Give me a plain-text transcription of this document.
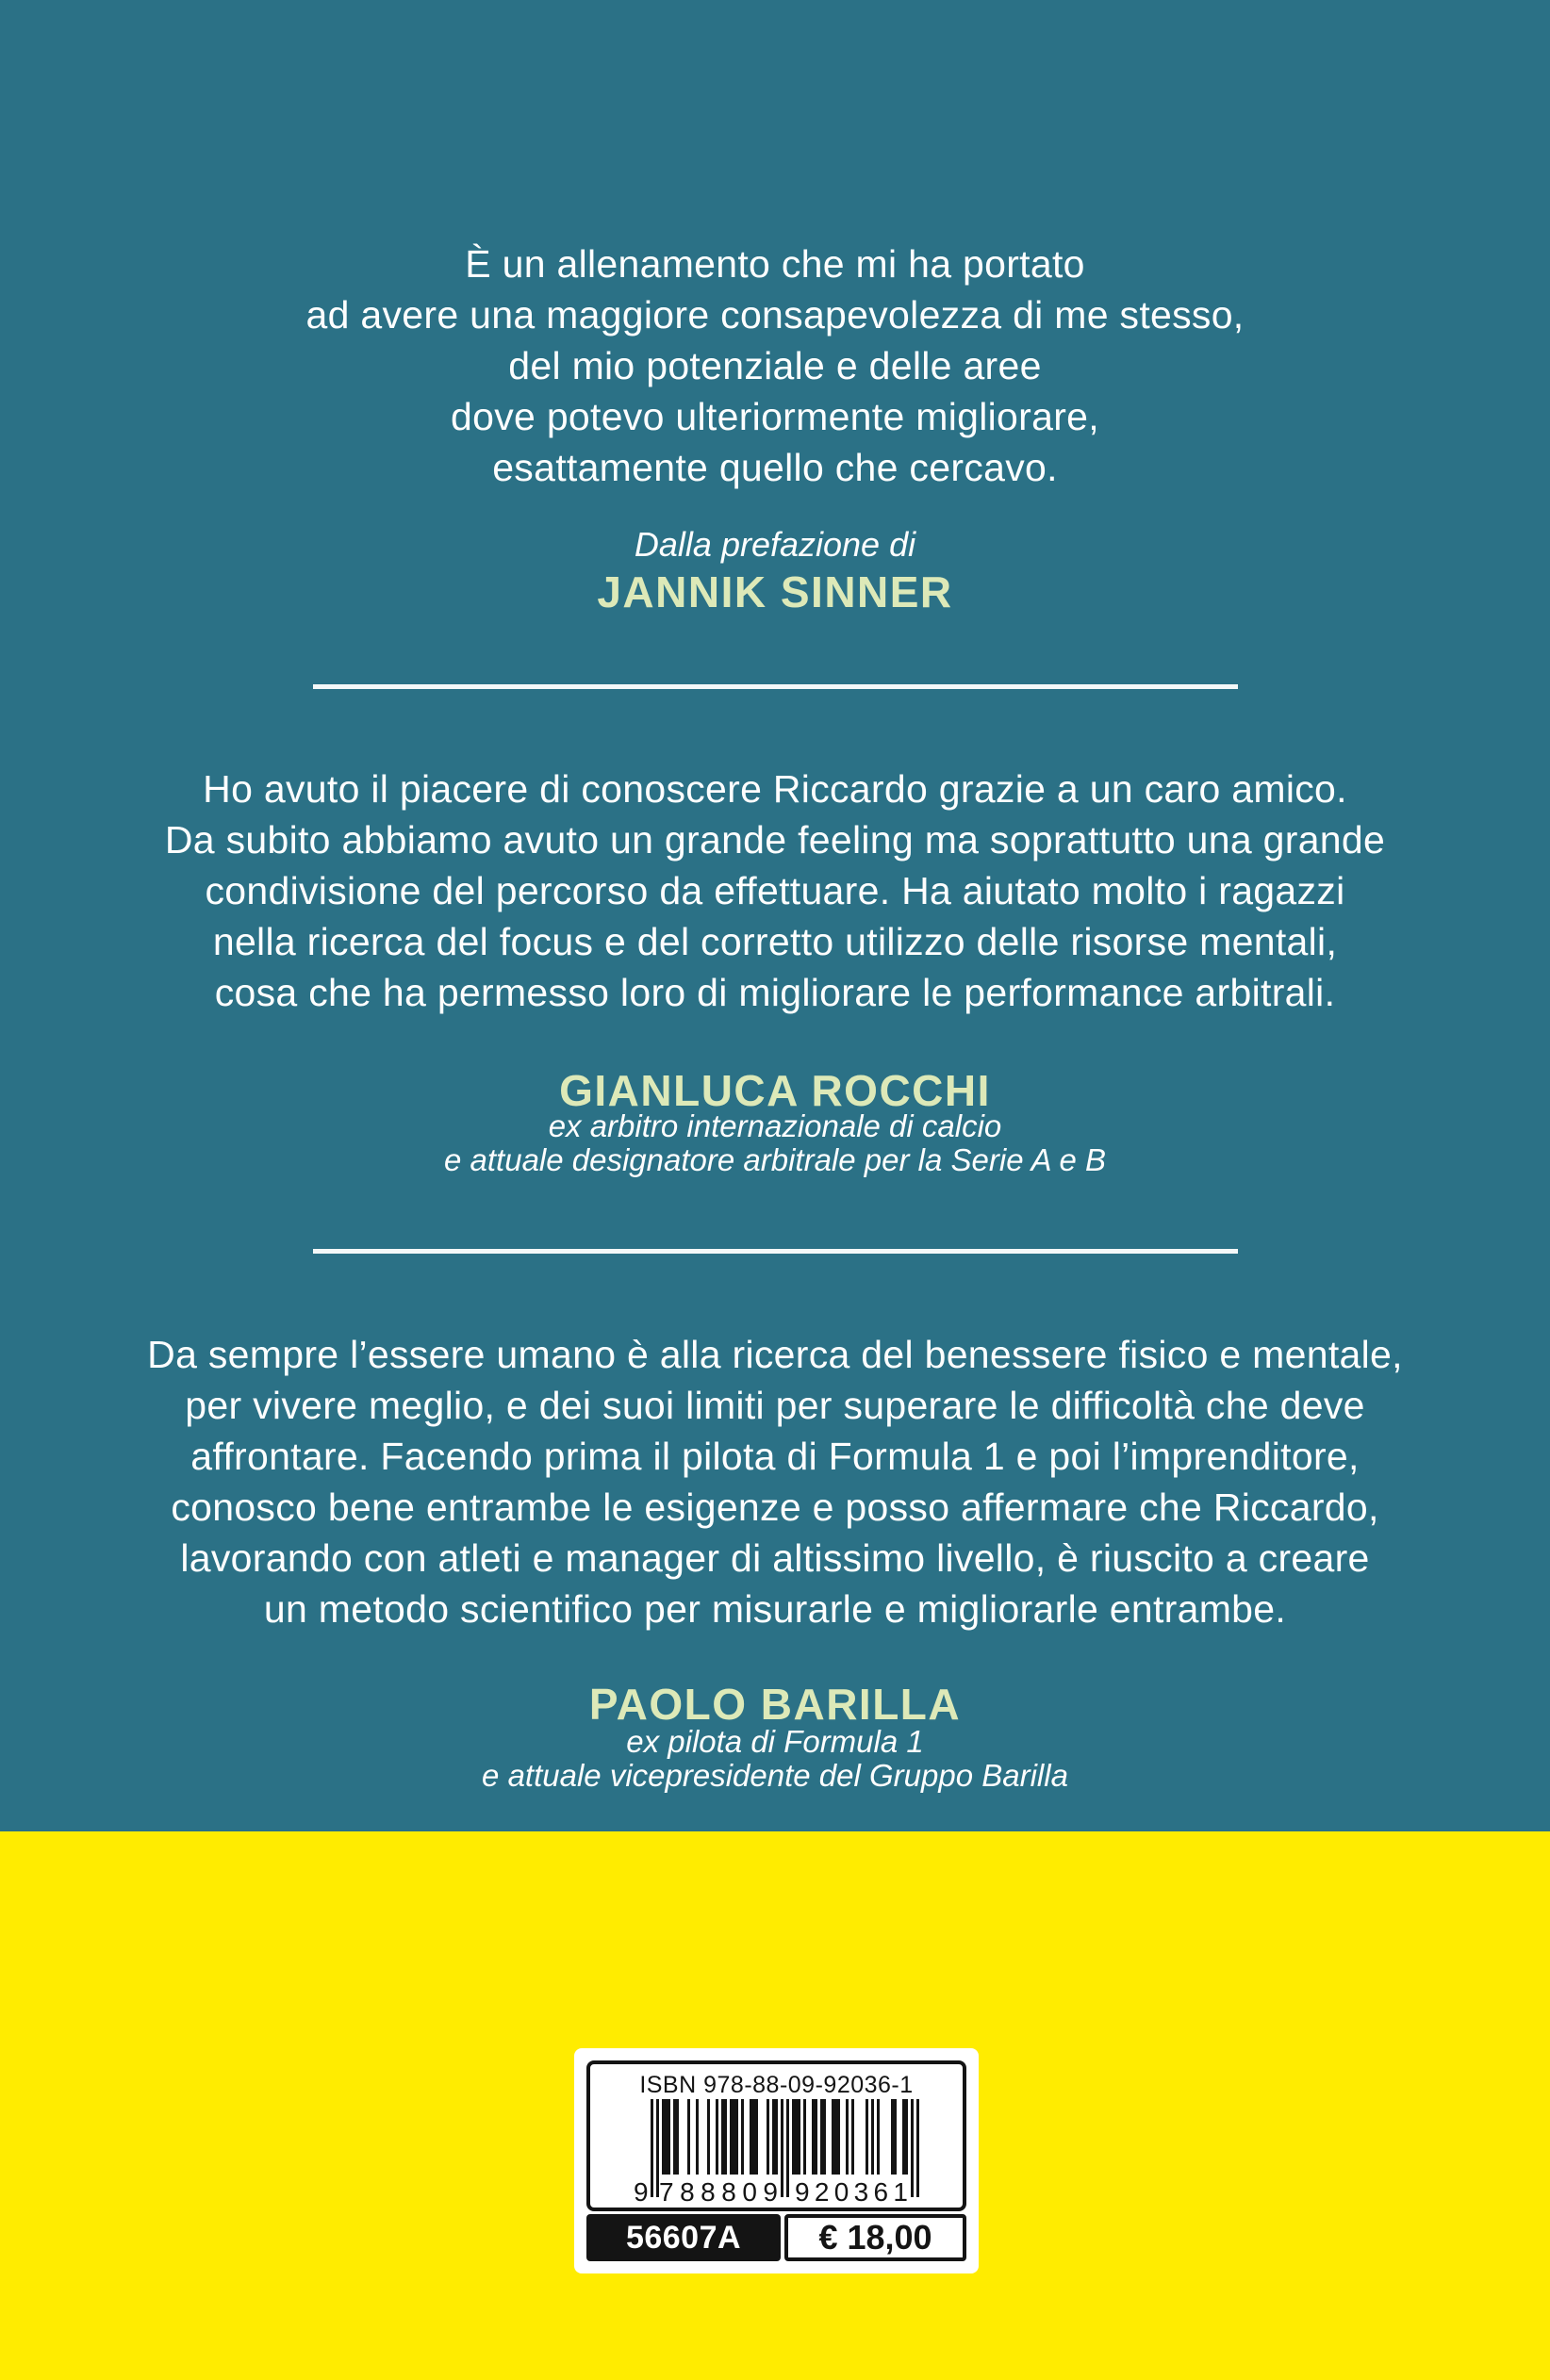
È un allenamento che mi ha portato
ad avere una maggiore consapevolezza di me stesso,
del mio potenziale e delle aree
dove potevo ulteriormente migliorare,
esattamente quello che cercavo.
Dalla prefazione di
JANNIK SINNER
Ho avuto il piacere di conoscere Riccardo grazie a un caro amico.
Da subito abbiamo avuto un grande feeling ma soprattutto una grande
condivisione del percorso da effettuare. Ha aiutato molto i ragazzi
nella ricerca del focus e del corretto utilizzo delle risorse mentali,
cosa che ha permesso loro di migliorare le performance arbitrali.
GIANLUCA ROCCHI
ex arbitro internazionale di calcio
e attuale designatore arbitrale per la Serie A e B
Da sempre l’essere umano è alla ricerca del benessere fisico e mentale,
per vivere meglio, e dei suoi limiti per superare le difficoltà che deve
affrontare. Facendo prima il pilota di Formula 1 e poi l’imprenditore,
conosco bene entrambe le esigenze e posso affermare che Riccardo,
lavorando con atleti e manager di altissimo livello, è riuscito a creare
un metodo scientifico per misurarle e migliorarle entrambe.
PAOLO BARILLA
ex pilota di Formula 1
e attuale vicepresidente del Gruppo Barilla
ISBN 978-88-09-92036-1
9 788809 920361
56607A	€ 18,00
